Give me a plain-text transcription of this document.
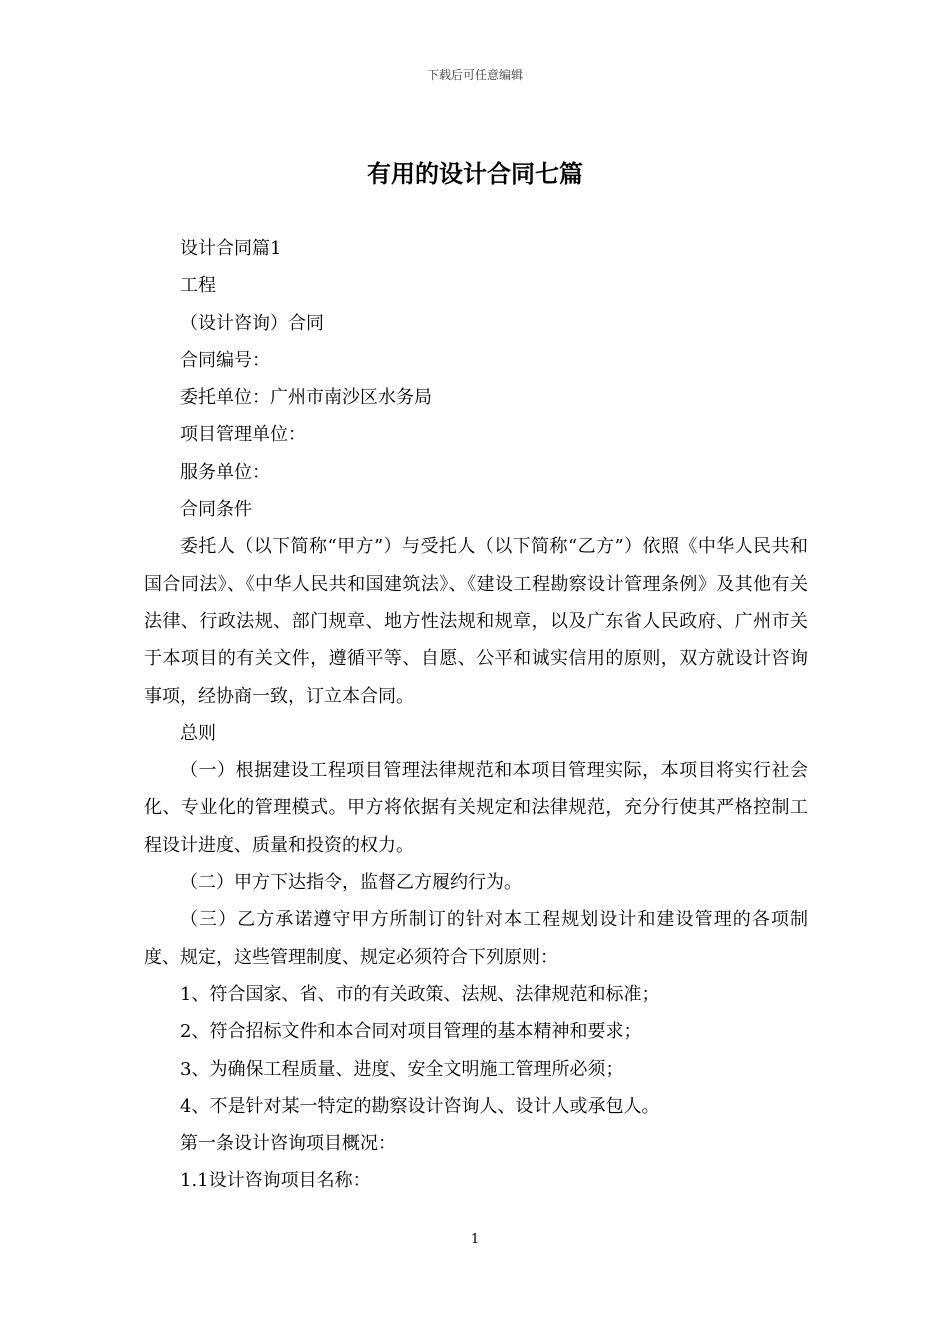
下载后可任意编辑
有用的设计合同七篇

设计合同篇1

工程

（设计咨询）合同

合同编号：

委托单位：广州市南沙区水务局

项目管理单位：

服务单位：

合同条件

委托人（以下简称“甲方”）与受托人（以下简称“乙方”）依照《中华人民共和国合同法》、《中华人民共和国建筑法》、《建设工程勘察设计管理条例》及其他有关法律、行政法规、部门规章、地方性法规和规章，以及广东省人民政府、广州市关于本项目的有关文件，遵循平等、自愿、公平和诚实信用的原则，双方就设计咨询事项，经协商一致，订立本合同。

总则

（一）根据建设工程项目管理法律规范和本项目管理实际，本项目将实行社会化、专业化的管理模式。甲方将依据有关规定和法律规范，充分行使其严格控制工程设计进度、质量和投资的权力。

（二）甲方下达指令，监督乙方履约行为。

（三）乙方承诺遵守甲方所制订的针对本工程规划设计和建设管理的各项制度、规定，这些管理制度、规定必须符合下列原则：

1、符合国家、省、市的有关政策、法规、法律规范和标准；

2、符合招标文件和本合同对项目管理的基本精神和要求；

3、为确保工程质量、进度、安全文明施工管理所必须；

4、不是针对某一特定的勘察设计咨询人、设计人或承包人。

第一条设计咨询项目概况：

1.1设计咨询项目名称：

1
